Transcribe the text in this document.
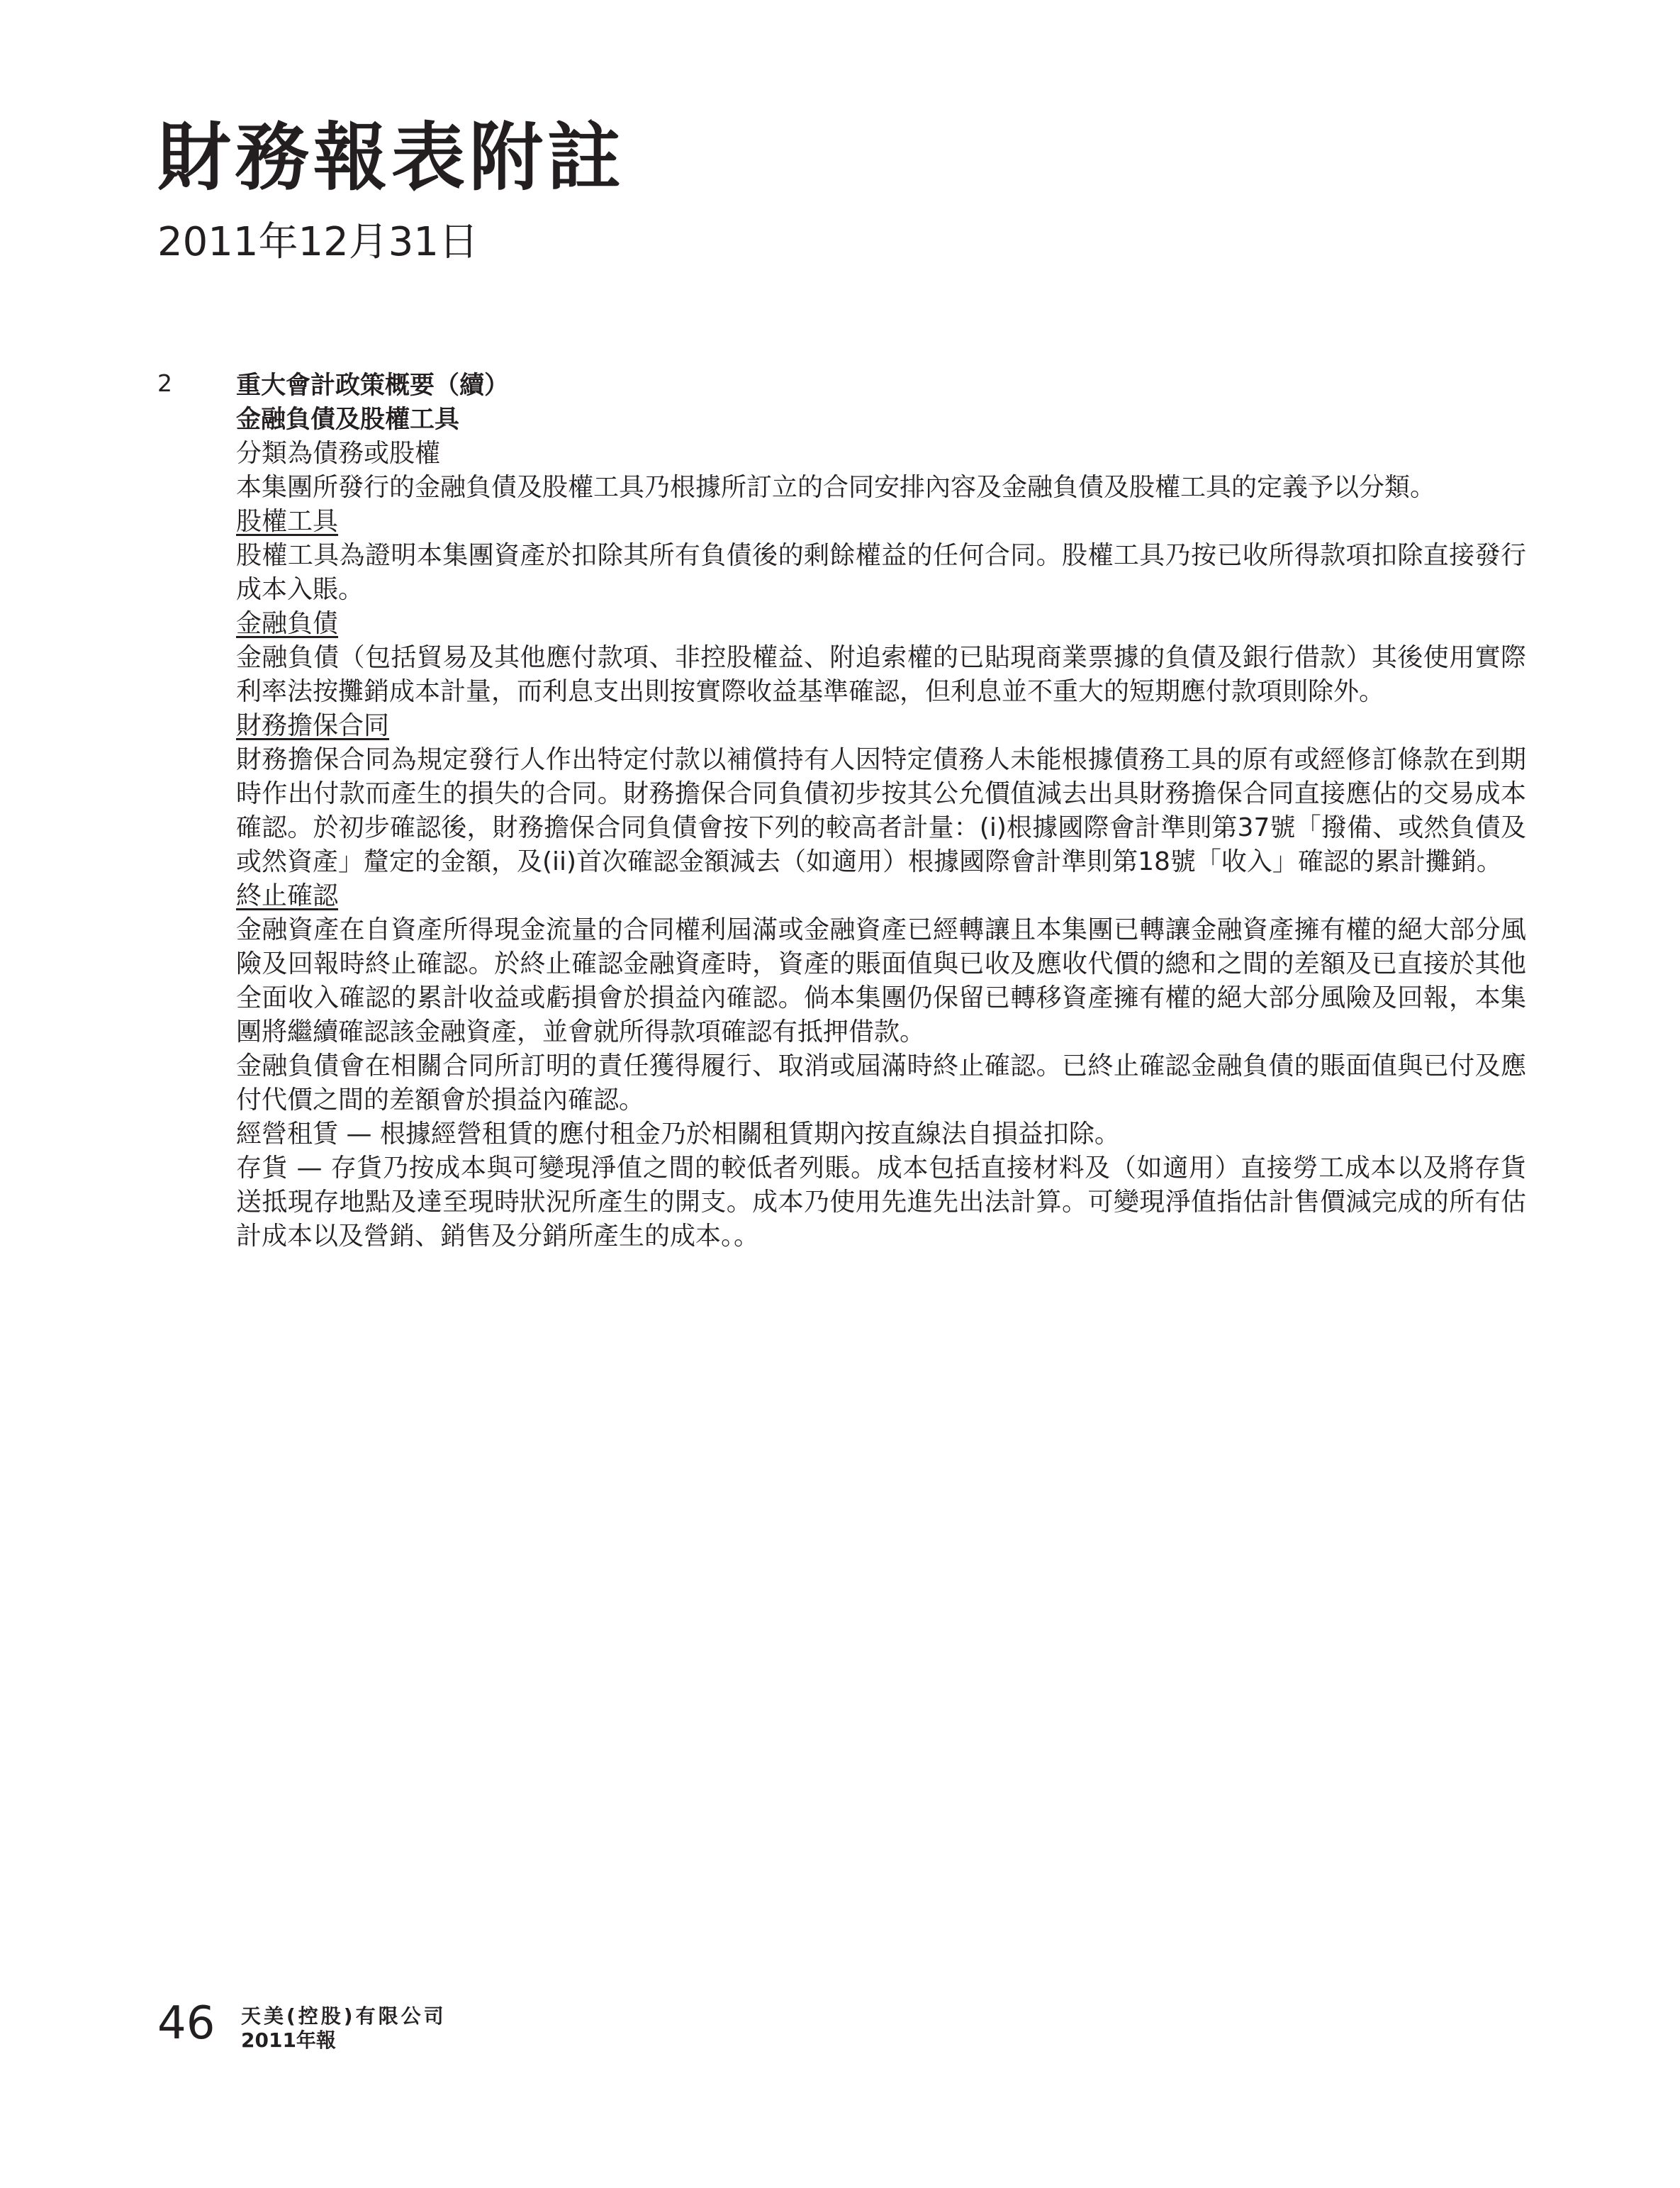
財務報表附註
2011年12月31日
2	重大會計政策概要（續）

金融負債及股權工具

分類為債務或股權

本集團所發行的金融負債及股權工具乃根據所訂立的合同安排內容及金融負債及股權工具的定義予以分類。

股權工具

股權工具為證明本集團資產於扣除其所有負債後的剩餘權益的任何合同。股權工具乃按已收所得款項扣除直接發行成本入賬。

金融負債

金融負債（包括貿易及其他應付款項、非控股權益、附追索權的已貼現商業票據的負債及銀行借款）其後使用實際利率法按攤銷成本計量，而利息支出則按實際收益基準確認，但利息並不重大的短期應付款項則除外。

財務擔保合同

財務擔保合同為規定發行人作出特定付款以補償持有人因特定債務人未能根據債務工具的原有或經修訂條款在到期時作出付款而產生的損失的合同。財務擔保合同負債初步按其公允價值減去出具財務擔保合同直接應佔的交易成本確認。於初步確認後，財務擔保合同負債會按下列的較高者計量：(i)根據國際會計準則第37號「撥備、或然負債及或然資產」釐定的金額，及(ii)首次確認金額減去（如適用）根據國際會計準則第18號「收入」確認的累計攤銷。

終止確認

金融資產在自資產所得現金流量的合同權利屆滿或金融資產已經轉讓且本集團已轉讓金融資產擁有權的絕大部分風險及回報時終止確認。於終止確認金融資產時，資產的賬面值與已收及應收代價的總和之間的差額及已直接於其他全面收入確認的累計收益或虧損會於損益內確認。倘本集團仍保留已轉移資產擁有權的絕大部分風險及回報，本集團將繼續確認該金融資產，並會就所得款項確認有抵押借款。

金融負債會在相關合同所訂明的責任獲得履行、取消或屆滿時終止確認。已終止確認金融負債的賬面值與已付及應付代價之間的差額會於損益內確認。

經營租賃 — 根據經營租賃的應付租金乃於相關租賃期內按直線法自損益扣除。

存貨 — 存貨乃按成本與可變現淨值之間的較低者列賬。成本包括直接材料及（如適用）直接勞工成本以及將存貨送抵現存地點及達至現時狀況所產生的開支。成本乃使用先進先出法計算。可變現淨值指估計售價減完成的所有估計成本以及營銷、銷售及分銷所產生的成本。。

46 天美(控股)有限公司
2011年報
